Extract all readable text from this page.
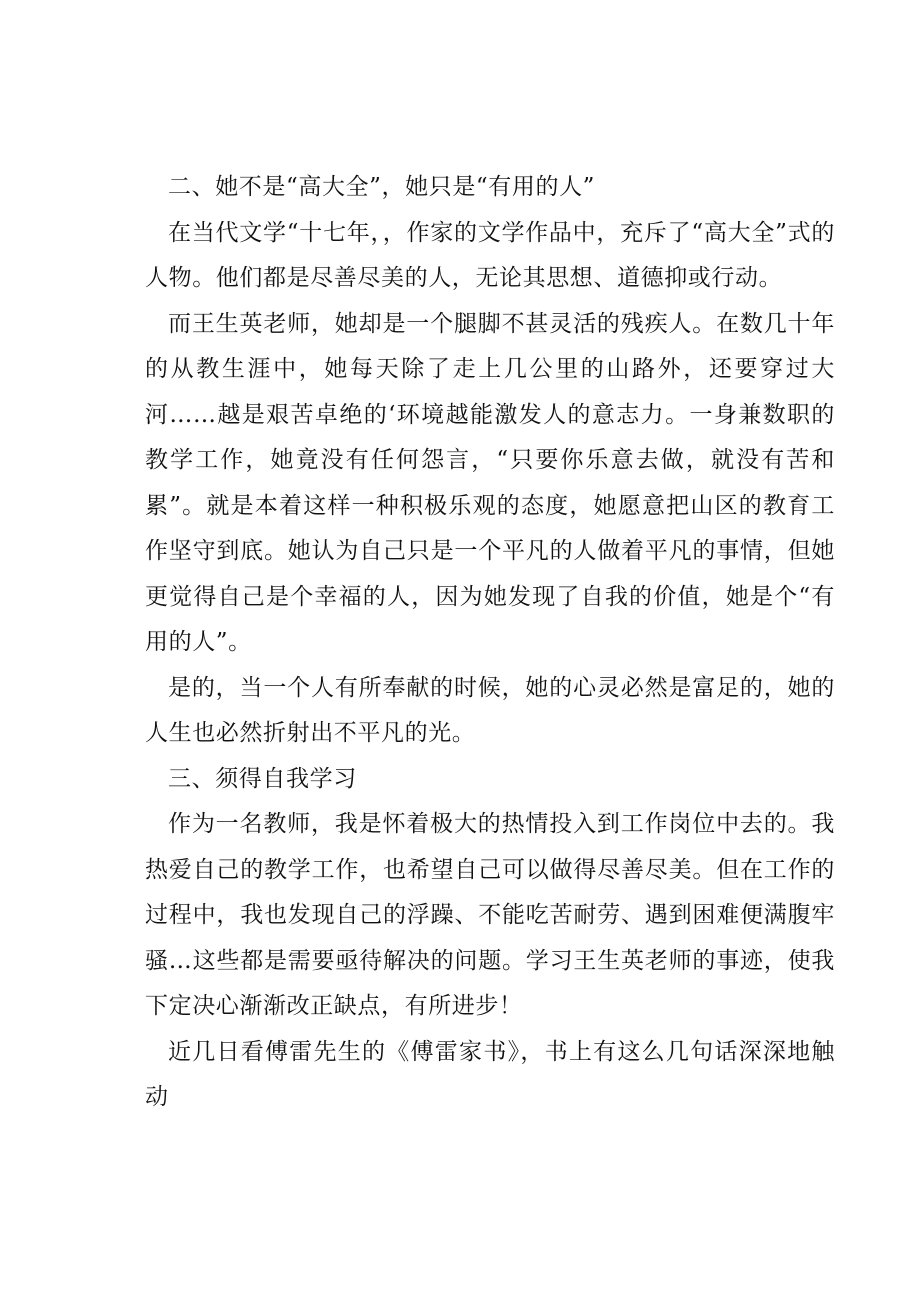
二、她不是“高大全”，她只是“有用的人”

在当代文学“十七年，，作家的文学作品中，充斥了“高大全”式的人物。他们都是尽善尽美的人，无论其思想、道德抑或行动。

而王生英老师，她却是一个腿脚不甚灵活的残疾人。在数几十年的从教生涯中，她每天除了走上几公里的山路外，还要穿过大河……越是艰苦卓绝的‘环境越能激发人的意志力。一身兼数职的教学工作，她竟没有任何怨言，“只要你乐意去做，就没有苦和累”。就是本着这样一种积极乐观的态度，她愿意把山区的教育工作坚守到底。她认为自己只是一个平凡的人做着平凡的事情，但她更觉得自己是个幸福的人，因为她发现了自我的价值，她是个“有用的人”。

是的，当一个人有所奉献的时候，她的心灵必然是富足的，她的人生也必然折射出不平凡的光。

三、须得自我学习

作为一名教师，我是怀着极大的热情投入到工作岗位中去的。我热爱自己的教学工作，也希望自己可以做得尽善尽美。但在工作的过程中，我也发现自己的浮躁、不能吃苦耐劳、遇到困难便满腹牢骚…这些都是需要亟待解决的问题。学习王生英老师的事迹，使我下定决心渐渐改正缺点，有所进步！

近几日看傅雷先生的《傅雷家书》，书上有这么几句话深深地触动
